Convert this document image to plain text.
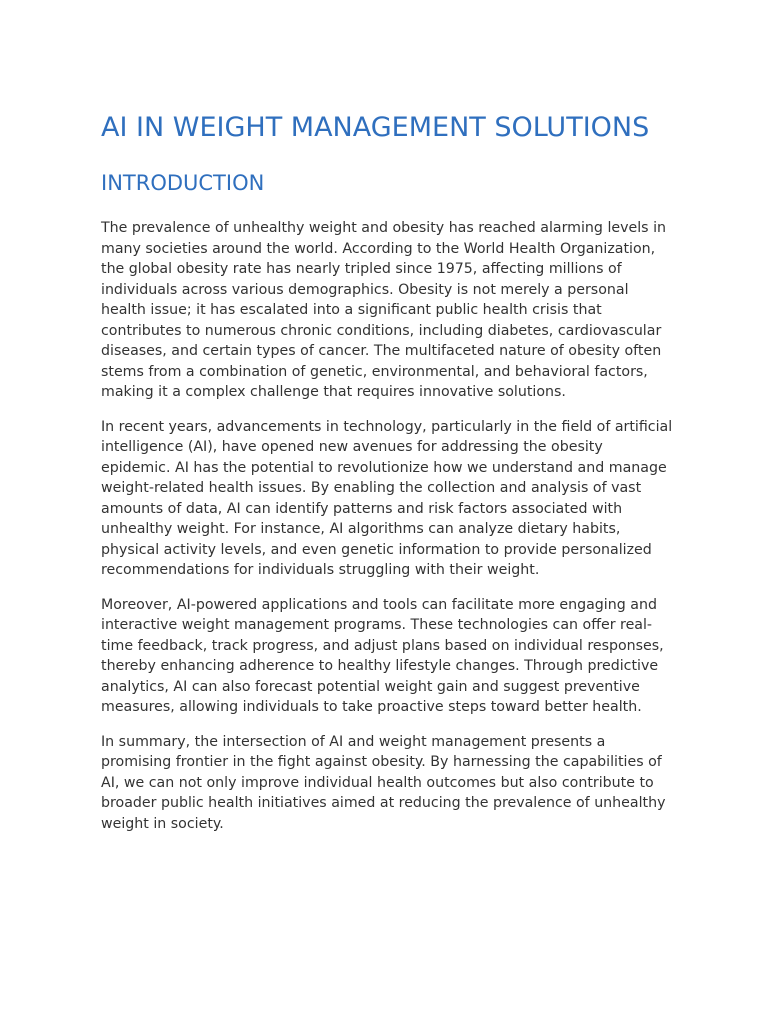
AI IN WEIGHT MANAGEMENT SOLUTIONS
INTRODUCTION

The prevalence of unhealthy weight and obesity has reached alarming levels in many societies around the world. According to the World Health Organization, the global obesity rate has nearly tripled since 1975, affecting millions of individuals across various demographics. Obesity is not merely a personal health issue; it has escalated into a significant public health crisis that contributes to numerous chronic conditions, including diabetes, cardiovascular diseases, and certain types of cancer. The multifaceted nature of obesity often stems from a combination of genetic, environmental, and behavioral factors, making it a complex challenge that requires innovative solutions.

In recent years, advancements in technology, particularly in the field of artificial intelligence (AI), have opened new avenues for addressing the obesity epidemic. AI has the potential to revolutionize how we understand and manage weight-related health issues. By enabling the collection and analysis of vast amounts of data, AI can identify patterns and risk factors associated with unhealthy weight. For instance, AI algorithms can analyze dietary habits, physical activity levels, and even genetic information to provide personalized recommendations for individuals struggling with their weight.

Moreover, AI-powered applications and tools can facilitate more engaging and interactive weight management programs. These technologies can offer real-time feedback, track progress, and adjust plans based on individual responses, thereby enhancing adherence to healthy lifestyle changes. Through predictive analytics, AI can also forecast potential weight gain and suggest preventive measures, allowing individuals to take proactive steps toward better health.

In summary, the intersection of AI and weight management presents a promising frontier in the fight against obesity. By harnessing the capabilities of AI, we can not only improve individual health outcomes but also contribute to broader public health initiatives aimed at reducing the prevalence of unhealthy weight in society.
